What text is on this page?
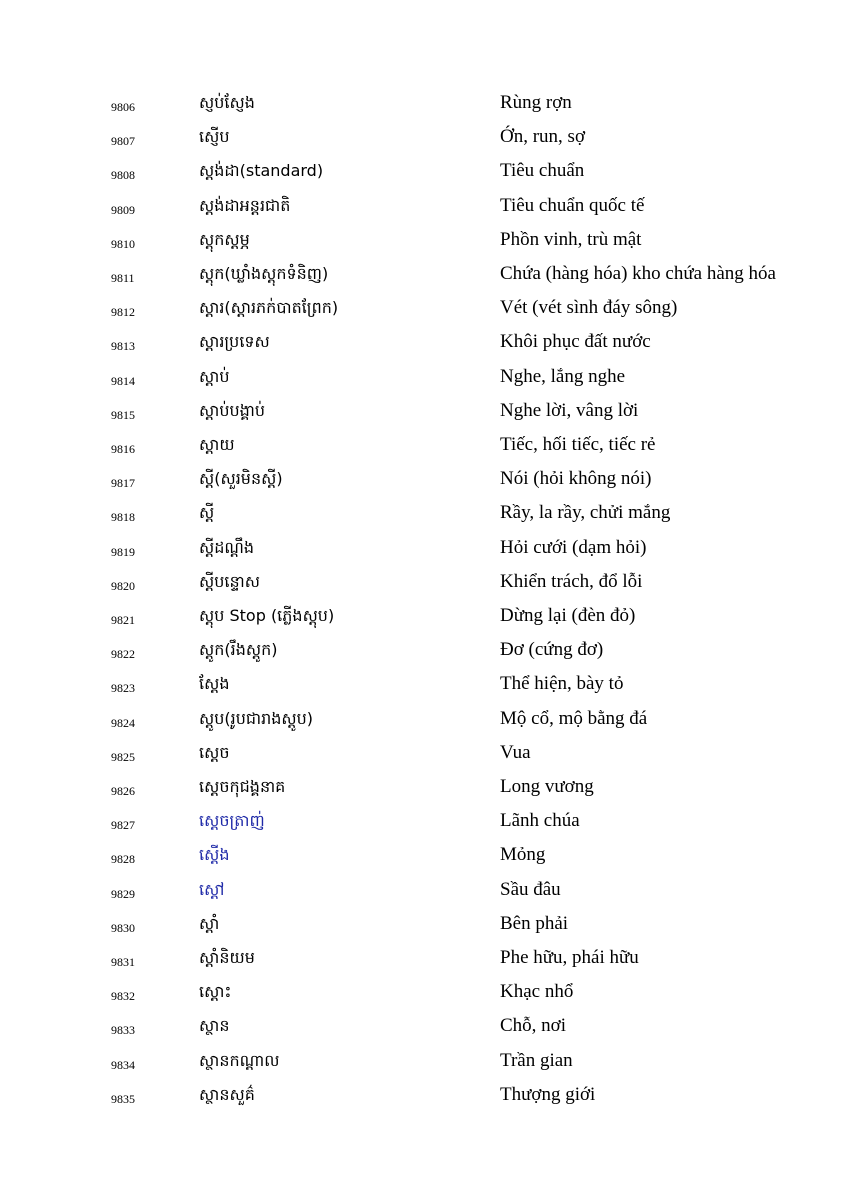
9806	ស្ញប់ស្ញែង	Rùng rợn
9807	ស្ញើប	Ớn, run, sợ
9808	ស្តង់ដា(standard)	Tiêu chuẩn
9809	ស្តង់ដាអន្តរជាតិ	Tiêu chuẩn quốc tế
9810	ស្តុកស្តម្ភ	Phồn vinh, trù mật
9811	ស្តុក(ឃ្លាំងស្តុកទំនិញ)	Chứa (hàng hóa) kho chứa hàng hóa
9812	ស្តារ(ស្តារភក់បាតព្រែក)	Vét (vét sình đáy sông)
9813	ស្តារប្រទេស	Khôi phục đất nước
9814	ស្តាប់	Nghe, lắng nghe
9815	ស្តាប់បង្គាប់	Nghe lời, vâng lời
9816	ស្តាយ	Tiếc, hối tiếc, tiếc rẻ
9817	ស្តី(សួរមិនស្តី)	Nói (hỏi không nói)
9818	ស្តី	Rầy, la rầy, chửi mắng
9819	ស្តីដណ្តឹង	Hỏi cưới (dạm hỏi)
9820	ស្តីបន្ទោស	Khiển trách, đổ lỗi
9821	ស្តុប Stop (ភ្លើងស្តុប)	Dừng lại (đèn đỏ)
9822	ស្តូក(រឹងស្តូក)	Đơ (cứng đơ)
9823	ស្តែង	Thể hiện, bày tỏ
9824	ស្តូប(រូបជារាងស្តូប)	Mộ cổ, mộ bằng đá
9825	ស្តេច	Vua
9826	ស្តេចកុជង្គនាគ	Long vương
9827	ស្តេចត្រាញ់	Lãnh chúa
9828	ស្តើង	Mỏng
9829	ស្តៅ	Sầu đâu
9830	ស្តាំ	Bên phải
9831	ស្តាំនិយម	Phe hữu, phái hữu
9832	ស្តោះ	Khạc nhổ
9833	ស្ថាន	Chỗ, nơi
9834	ស្ថានកណ្តាល	Trần gian
9835	ស្ថានសួគ៌	Thượng giới
